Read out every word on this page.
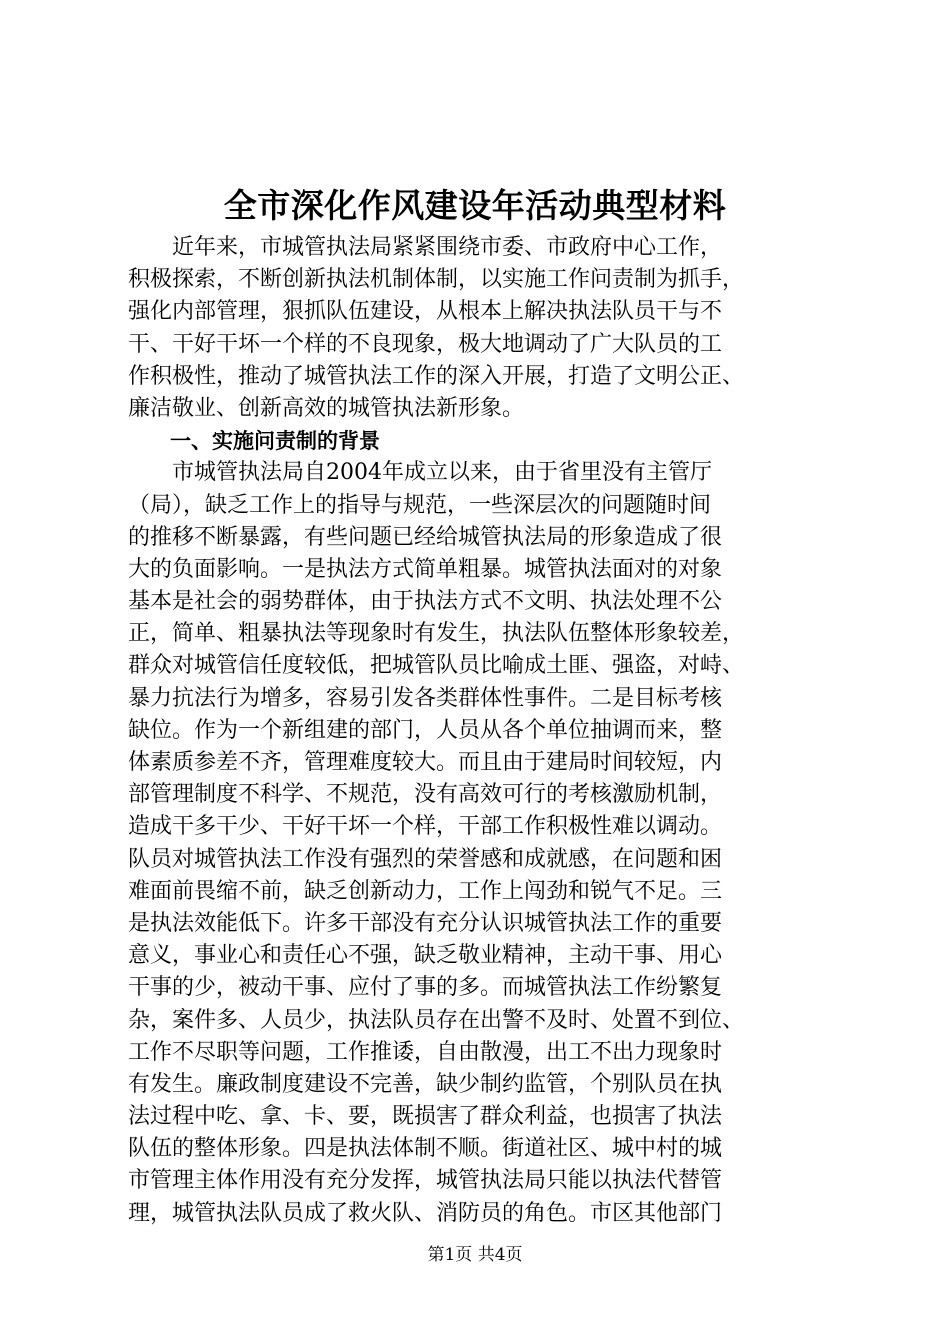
全市深化作风建设年活动典型材料
　　近年来，市城管执法局紧紧围绕市委、市政府中心工作，
积极探索，不断创新执法机制体制，以实施工作问责制为抓手，
强化内部管理，狠抓队伍建设，从根本上解决执法队员干与不
干、干好干坏一个样的不良现象，极大地调动了广大队员的工
作积极性，推动了城管执法工作的深入开展，打造了文明公正、
廉洁敬业、创新高效的城管执法新形象。
　　一、实施问责制的背景
　　市城管执法局自2004年成立以来，由于省里没有主管厅
（局），缺乏工作上的指导与规范，一些深层次的问题随时间
的推移不断暴露，有些问题已经给城管执法局的形象造成了很
大的负面影响。一是执法方式简单粗暴。城管执法面对的对象
基本是社会的弱势群体，由于执法方式不文明、执法处理不公
正，简单、粗暴执法等现象时有发生，执法队伍整体形象较差，
群众对城管信任度较低，把城管队员比喻成土匪、强盗，对峙、
暴力抗法行为增多，容易引发各类群体性事件。二是目标考核
缺位。作为一个新组建的部门，人员从各个单位抽调而来，整
体素质参差不齐，管理难度较大。而且由于建局时间较短，内
部管理制度不科学、不规范，没有高效可行的考核激励机制，
造成干多干少、干好干坏一个样，干部工作积极性难以调动。
队员对城管执法工作没有强烈的荣誉感和成就感，在问题和困
难面前畏缩不前，缺乏创新动力，工作上闯劲和锐气不足。三
是执法效能低下。许多干部没有充分认识城管执法工作的重要
意义，事业心和责任心不强，缺乏敬业精神，主动干事、用心
干事的少，被动干事、应付了事的多。而城管执法工作纷繁复
杂，案件多、人员少，执法队员存在出警不及时、处置不到位、
工作不尽职等问题，工作推诿，自由散漫，出工不出力现象时
有发生。廉政制度建设不完善，缺少制约监管，个别队员在执
法过程中吃、拿、卡、要，既损害了群众利益，也损害了执法
队伍的整体形象。四是执法体制不顺。街道社区、城中村的城
市管理主体作用没有充分发挥，城管执法局只能以执法代替管
理，城管执法队员成了救火队、消防员的角色。市区其他部门
第1页 共4页
